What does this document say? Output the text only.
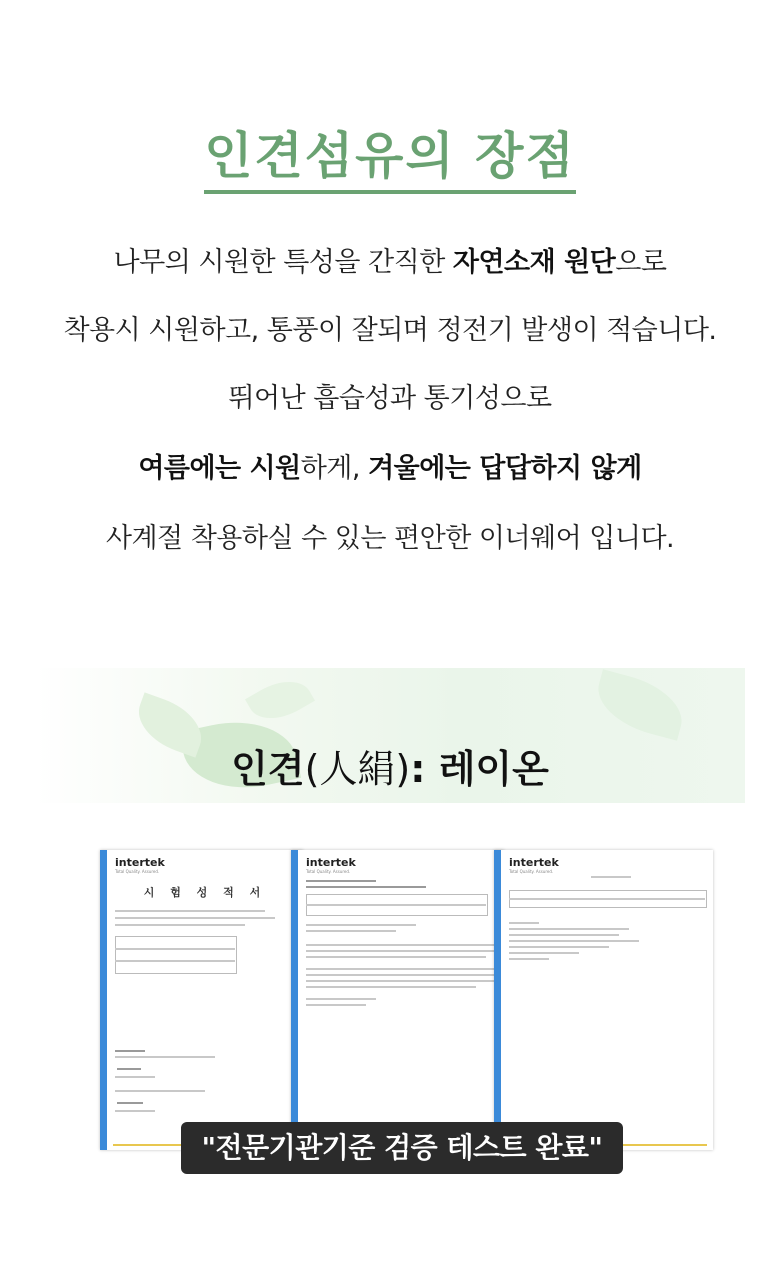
인견섬유의 장점
나무의 시원한 특성을 간직한 자연소재 원단으로
착용시 시원하고, 통풍이 잘되며 정전기 발생이 적습니다.
뛰어난 흡습성과 통기성으로
여름에는 시원하게, 겨울에는 답답하지 않게
사계절 착용하실 수 있는 편안한 이너웨어 입니다.
인견(人絹): 레이온
intertek
Total Quality. Assured.
시 험 성 적 서
intertek
Total Quality. Assured.
intertek
Total Quality. Assured.
"전문기관기준 검증 테스트 완료"
